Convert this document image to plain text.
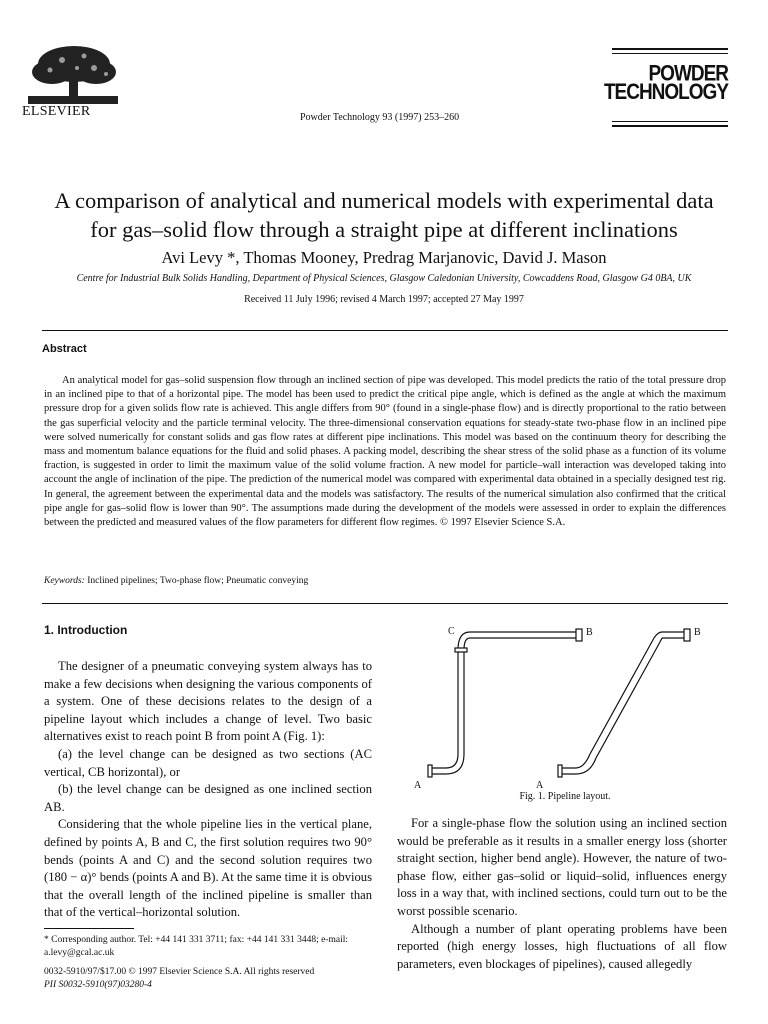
ELSEVIER	Powder Technology 93 (1997) 253–260
POWDER
TECHNOLOGY
A comparison of analytical and numerical models with experimental data
for gas–solid flow through a straight pipe at different inclinations
Avi Levy *, Thomas Mooney, Predrag Marjanovic, David J. Mason
Centre for Industrial Bulk Solids Handling, Department of Physical Sciences, Glasgow Caledonian University, Cowcaddens Road, Glasgow G4 0BA, UK
Received 11 July 1996; revised 4 March 1997; accepted 27 May 1997
Abstract
An analytical model for gas–solid suspension flow through an inclined section of pipe was developed. This model predicts the ratio of the total pressure drop in an inclined pipe to that of a horizontal pipe. The model has been used to predict the critical pipe angle, which is defined as the angle at which the maximum pressure drop for a given solids flow rate is achieved. This angle differs from 90° (found in a single-phase flow) and is directly proportional to the ratio between the gas superficial velocity and the particle terminal velocity. The three-dimensional conservation equations for steady-state two-phase flow in an inclined pipe were solved numerically for constant solids and gas flow rates at different pipe inclinations. This model was based on the continuum theory for describing the mass and momentum balance equations for the fluid and solid phases. A packing model, describing the shear stress of the solid phase as a function of its volume fraction, is suggested in order to limit the maximum value of the solid volume fraction. A new model for particle–wall interaction was developed taking into account the angle of inclination of the pipe. The prediction of the numerical model was compared with experimental data obtained in a specially designed test rig. In general, the agreement between the experimental data and the models was satisfactory. The results of the numerical simulation also confirmed that the critical pipe angle for gas–solid flow is lower than 90°. The assumptions made during the development of the models were assessed in order to explain the differences between the predicted and measured values of the flow parameters for different flow regimes. © 1997 Elsevier Science S.A.
Keywords: Inclined pipelines; Two-phase flow; Pneumatic conveying
1. Introduction

The designer of a pneumatic conveying system always has to make a few decisions when designing the various components of a system. One of these decisions relates to the design of a pipeline layout which includes a change of level. Two basic alternatives exist to reach point B from point A (Fig. 1):

(a) the level change can be designed as two sections (AC vertical, CB horizontal), or

(b) the level change can be designed as one inclined section AB.

Considering that the whole pipeline lies in the vertical plane, defined by points A, B and C, the first solution requires two 90° bends (points A and C) and the second solution requires two (180 − α)° bends (points A and B). At the same time it is obvious that the overall length of the inclined pipeline is smaller than that of the vertical–horizontal solution.

* Corresponding author. Tel: +44 141 331 3711; fax: +44 141 331 3448; e-mail: a.levy@gcal.ac.uk
0032-5910/97/$17.00 © 1997 Elsevier Science S.A. All rights reserved
PII S0032-5910(97)03280-4
C	B
A
B
A
Fig. 1. Pipeline layout.

For a single-phase flow the solution using an inclined section would be preferable as it results in a smaller energy loss (shorter straight section, higher bend angle). However, the nature of two-phase flow, either gas–solid or liquid–solid, influences energy loss in a way that, with inclined sections, could turn out to be the worst possible scenario.

Although a number of plant operating problems have been reported (high energy losses, high fluctuations of all flow parameters, even blockages of pipelines), caused allegedly
